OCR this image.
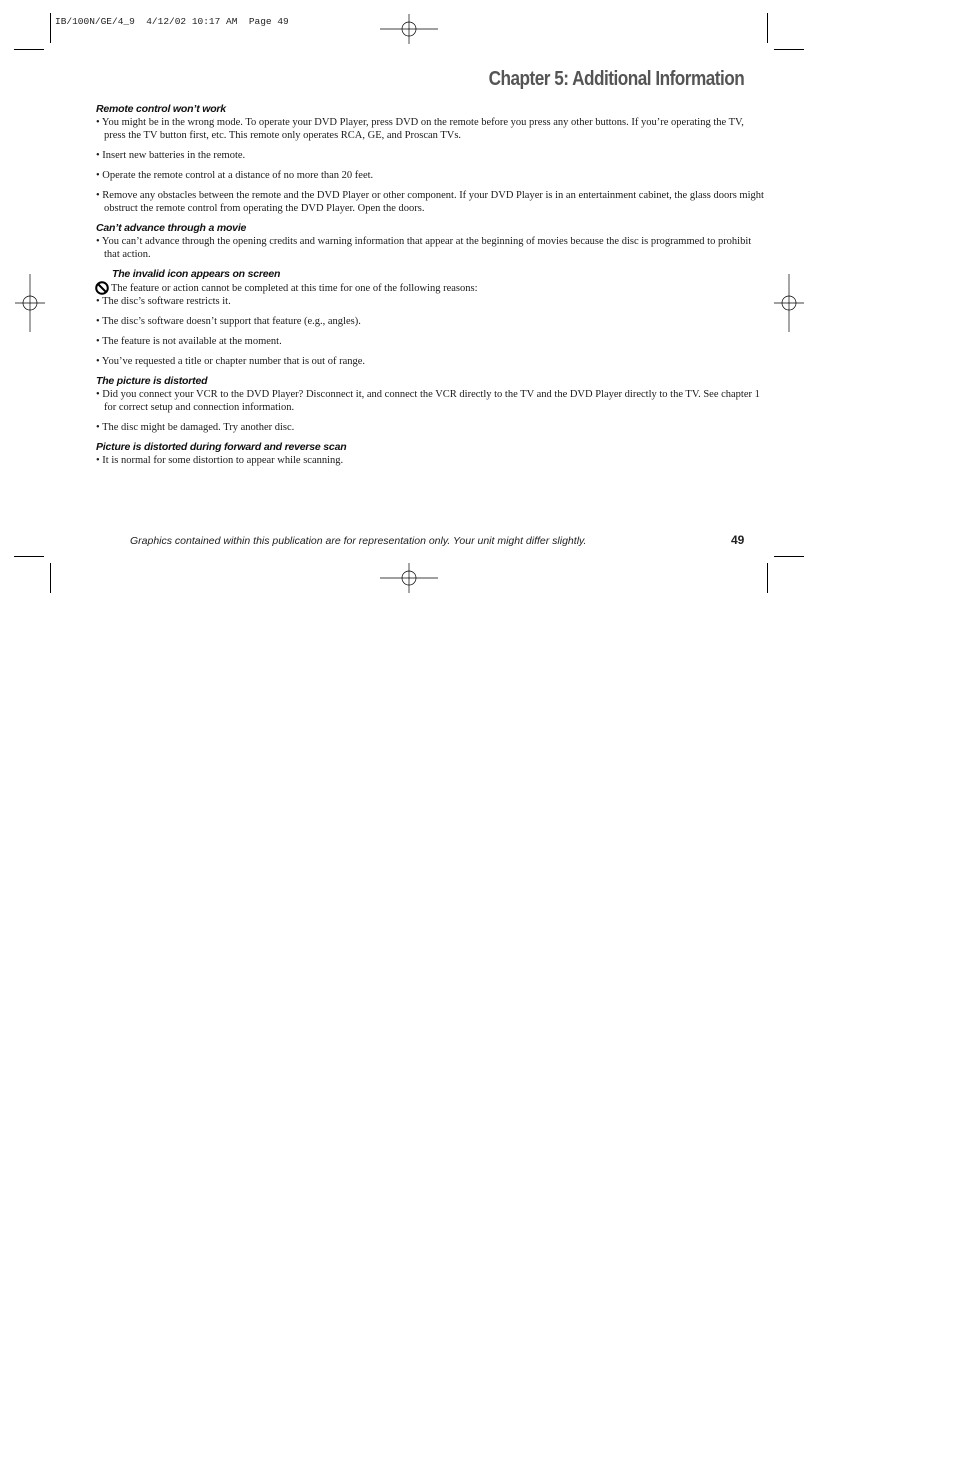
IB/100N/GE/4_9  4/12/02 10:17 AM  Page 49
Chapter 5: Additional Information

Remote control won’t work

• You might be in the wrong mode. To operate your DVD Player, press DVD on the remote before you press any other buttons. If you’re operating the TV, press the TV button first, etc. This remote only operates RCA, GE, and Proscan TVs.

• Insert new batteries in the remote.

• Operate the remote control at a distance of no more than 20 feet.

• Remove any obstacles between the remote and the DVD Player or other component. If your DVD Player is in an entertainment cabinet, the glass doors might obstruct the remote control from operating the DVD Player. Open the doors.

Can’t advance through a movie

• You can’t advance through the opening credits and warning information that appear at the beginning of movies because the disc is programmed to prohibit that action.

The invalid icon appears on screen

The feature or action cannot be completed at this time for one of the following reasons:

• The disc’s software restricts it.

• The disc’s software doesn’t support that feature (e.g., angles).

• The feature is not available at the moment.

• You’ve requested a title or chapter number that is out of range.

The picture is distorted

• Did you connect your VCR to the DVD Player? Disconnect it, and connect the VCR directly to the TV and the DVD Player directly to the TV. See chapter 1 for correct setup and connection information.

• The disc might be damaged. Try another disc.

Picture is distorted during forward and reverse scan

• It is normal for some distortion to appear while scanning.

Graphics contained within this publication are for representation only. Your unit might differ slightly.	49
